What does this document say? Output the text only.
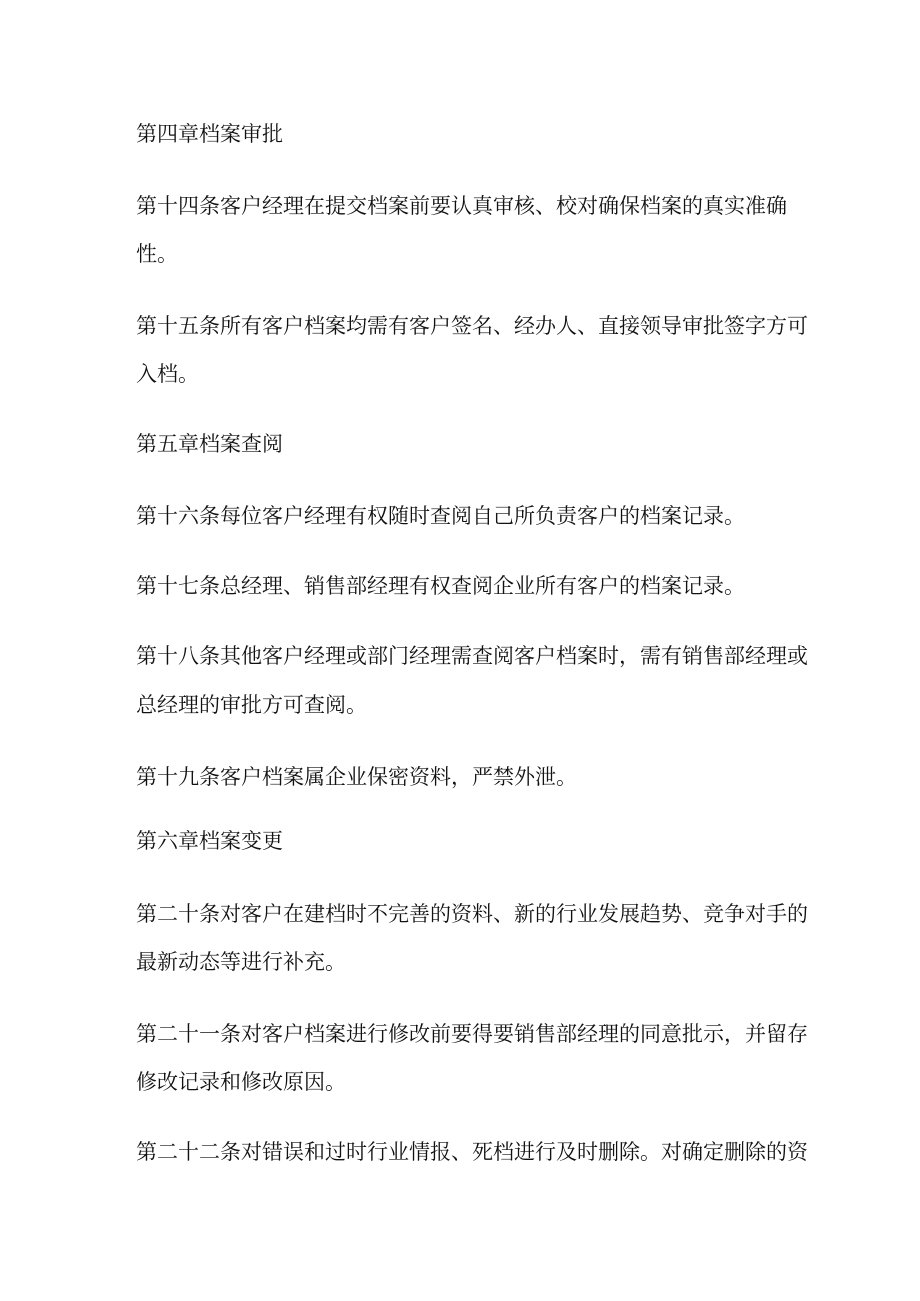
第四章档案审批

第十四条客户经理在提交档案前要认真审核、校对确保档案的真实准确

性。

第十五条所有客户档案均需有客户签名、经办人、直接领导审批签字方可

入档。

第五章档案查阅

第十六条每位客户经理有权随时查阅自己所负责客户的档案记录。

第十七条总经理、销售部经理有权查阅企业所有客户的档案记录。

第十八条其他客户经理或部门经理需查阅客户档案时，需有销售部经理或

总经理的审批方可查阅。

第十九条客户档案属企业保密资料，严禁外泄。

第六章档案变更

第二十条对客户在建档时不完善的资料、新的行业发展趋势、竞争对手的

最新动态等进行补充。

第二十一条对客户档案进行修改前要得要销售部经理的同意批示，并留存

修改记录和修改原因。

第二十二条对错误和过时行业情报、死档进行及时删除。对确定删除的资
